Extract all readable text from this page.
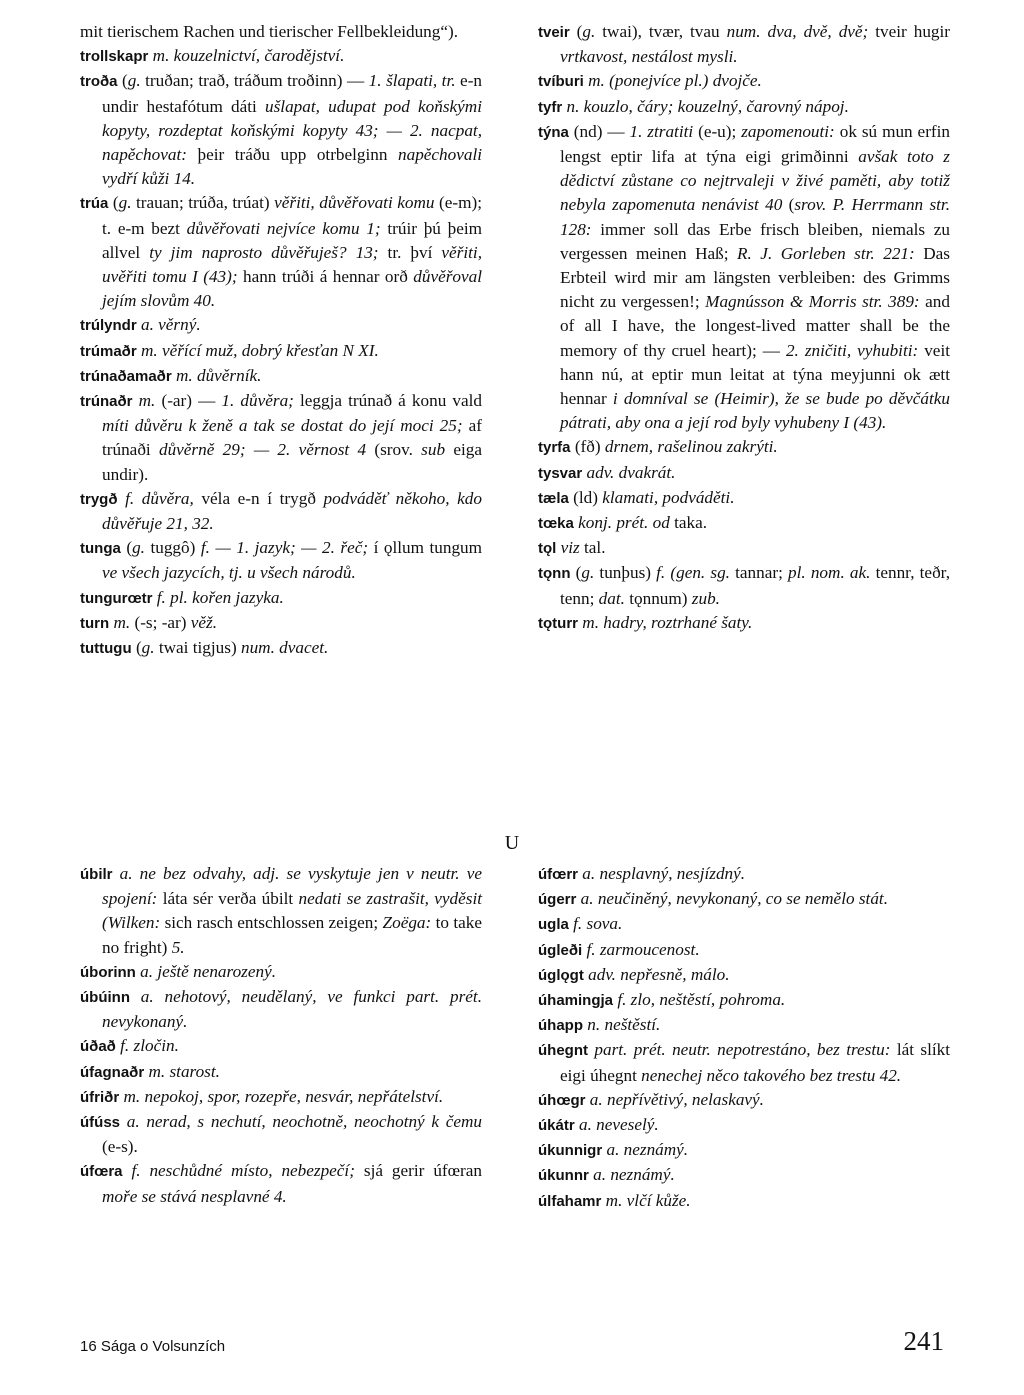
mit tierischem Rachen und tierischer Fellbekleidung“).

trollskapr m. kouzelnictví, čarodějství.

troða (g. truðan; trað, tráðum troðinn) — 1. šlapati, tr. e-n undir hestafótum dáti ušlapat, udupat pod koňskými kopyty, rozdeptat koňskými kopyty 43; — 2. nacpat, napěchovat: þeir tráðu upp otrbelginn napěchovali vydří kůži 14.

trúa (g. trauan; trúða, trúat) věřiti, důvěřovati komu (e-m); t. e-m bezt důvěřovati nejvíce komu 1; trúir þú þeim allvel ty jim naprosto důvěřuješ? 13; tr. því věřiti, uvěřiti tomu I (43); hann trúði á hennar orð důvěřoval jejím slovům 40.

trúlyndr a. věrný.

trúmaðr m. věřící muž, dobrý křesťan N XI.

trúnaðamaðr m. důvěrník.

trúnaðr m. (-ar) — 1. důvěra; leggja trúnað á konu vald míti důvěru k ženě a tak se dostat do její moci 25; af trúnaði důvěrně 29; — 2. věrnost 4 (srov. sub eiga undir).

trygð f. důvěra, véla e-n í trygð podváděť někoho, kdo důvěřuje 21, 32.

tunga (g. tuggô) f. — 1. jazyk; — 2. řeč; í ǫllum tungum ve všech jazycích, tj. u všech národů.

tungurœtr f. pl. kořen jazyka.

turn m. (-s; -ar) věž.

tuttugu (g. twai tigjus) num. dvacet.

tveir (g. twai), tvær, tvau num. dva, dvě, dvě; tveir hugir vrtkavost, nestálost mysli.

tvíburi m. (ponejvíce pl.) dvojče.

tyfr n. kouzlo, čáry; kouzelný, čarovný nápoj.

týna (nd) — 1. ztratiti (e-u); zapomenouti: ok sú mun erfin lengst eptir lifa at týna eigi grimðinni avšak toto z dědictví zůstane co nejtrvaleji v živé paměti, aby totiž nebyla zapomenuta nenávist 40 (srov. P. Herrmann str. 128: immer soll das Erbe frisch bleiben, niemals zu vergessen meinen Haß; R. J. Gorleben str. 221: Das Erbteil wird mir am längsten verbleiben: des Grimms nicht zu vergessen!; Magnússon & Morris str. 389: and of all I have, the longest-lived matter shall be the memory of thy cruel heart); — 2. zničiti, vyhubiti: veit hann nú, at eptir mun leitat at týna meyjunni ok ætt hennar i domníval se (Heimir), že se bude po děvčátku pátrati, aby ona a její rod byly vyhubeny I (43).

tyrfa (fð) drnem, rašelinou zakrýti.

tysvar adv. dvakrát.

tæla (ld) klamati, podváděti.

tœka konj. prét. od taka.

tǫl viz tal.

tǫnn (g. tunþus) f. (gen. sg. tannar; pl. nom. ak. tennr, teðr, tenn; dat. tǫnnum) zub.

tǫturr m. hadry, roztrhané šaty.

U

úbilr a. ne bez odvahy, adj. se vyskytuje jen v neutr. ve spojení: láta sér verða úbilt nedati se zastrašit, vyděsit (Wilken: sich rasch entschlossen zeigen; Zoëga: to take no fright) 5.

úborinn a. ještě nenarozený.

úbúinn a. nehotový, neudělaný, ve funkci part. prét. nevykonaný.

úðað f. zločin.

úfagnaðr m. starost.

úfriðr m. nepokoj, spor, rozepře, nesvár, nepřátelství.

úfúss a. nerad, s nechutí, neochotně, neochotný k čemu (e-s).

úfœra f. neschůdné místo, nebezpečí; sjá gerir úfœran moře se stává nesplavné 4.

úfœrr a. nesplavný, nesjízdný.

úgerr a. neučiněný, nevykonaný, co se nemělo stát.

ugla f. sova.

úgleði f. zarmoucenost.

úglǫgt adv. nepřesně, málo.

úhamingja f. zlo, neštěstí, pohroma.

úhapp n. neštěstí.

úhegnt part. prét. neutr. nepotrestáno, bez trestu: lát slíkt eigi úhegnt nenechej něco takového bez trestu 42.

úhœgr a. nepřívětivý, nelaskavý.

úkátr a. neveselý.

úkunnigr a. neznámý.

úkunnr a. neznámý.

úlfahamr m. vlčí kůže.

16 Sága o Volsunzích	241
